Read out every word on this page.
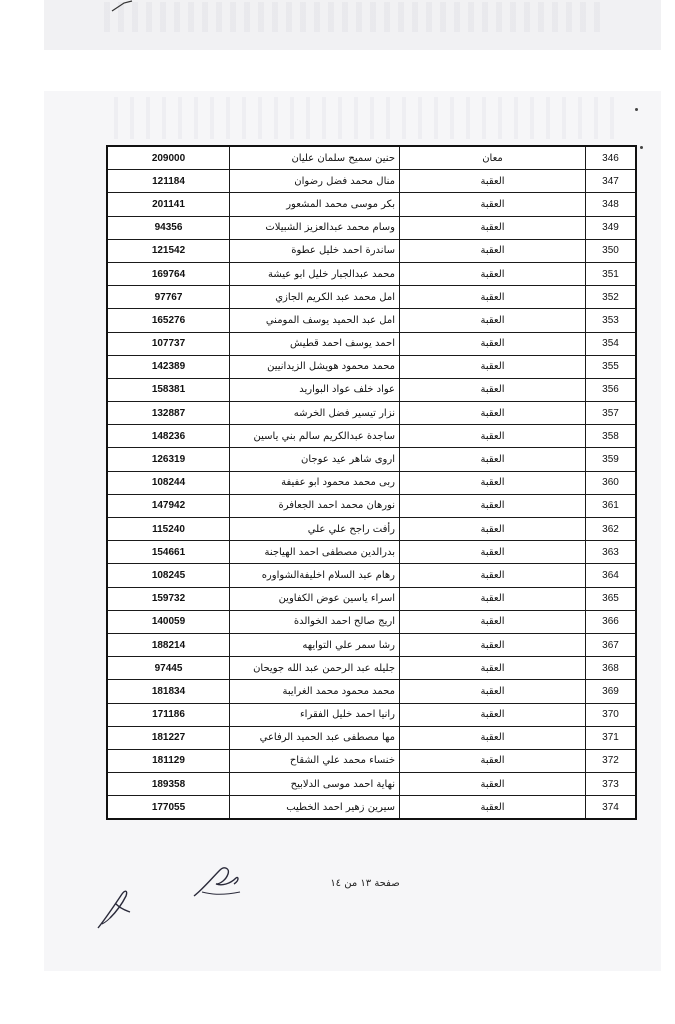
209000	حنين سميح سلمان عليان	معان	346
121184	منال محمد فضل رضوان	العقبة	347
201141	بكر موسى محمد المشعور	العقبة	348
94356	وسام محمد عبدالعزيز الشبيلات	العقبة	349
121542	ساندرة احمد خليل عطوة	العقبة	350
169764	محمد عبدالجبار خليل ابو عيشة	العقبة	351
97767	امل محمد عبد الكريم الجازي	العقبة	352
165276	امل عبد الحميد يوسف المومني	العقبة	353
107737	احمد يوسف احمد قطيش	العقبة	354
142389	محمد محمود هويشل الزيدانيين	العقبة	355
158381	عواد خلف عواد البواريد	العقبة	356
132887	نزار تيسير فضل الخرشه	العقبة	357
148236	ساجدة عبدالكريم سالم بني ياسين	العقبة	358
126319	اروى شاهر عيد عوجان	العقبة	359
108244	ربى محمد محمود ابو عفيفة	العقبة	360
147942	نورهان محمد احمد الجعافرة	العقبة	361
115240	رأفت راجح علي علي	العقبة	362
154661	بدرالدين مصطفى احمد الهياجنة	العقبة	363
108245	رهام عبد السلام اخليفةالشواوره	العقبة	364
159732	اسراء ياسين عوض الكفاوين	العقبة	365
140059	اريج صالح احمد الخوالدة	العقبة	366
188214	رشا سمر علي التوايهه	العقبة	367
97445	جليله عبد الرحمن عبد الله جويحان	العقبة	368
181834	محمد محمود محمد الغرايبة	العقبة	369
171186	رانيا احمد خليل الفقراء	العقبة	370
181227	مها مصطفى عبد الحميد الرفاعي	العقبة	371
181129	خنساء محمد علي الشقاح	العقبة	372
189358	نهاية احمد موسى الدلابيح	العقبة	373
177055	سيرين زهير احمد الخطيب	العقبة	374
صفحة ١٣ من ١٤
